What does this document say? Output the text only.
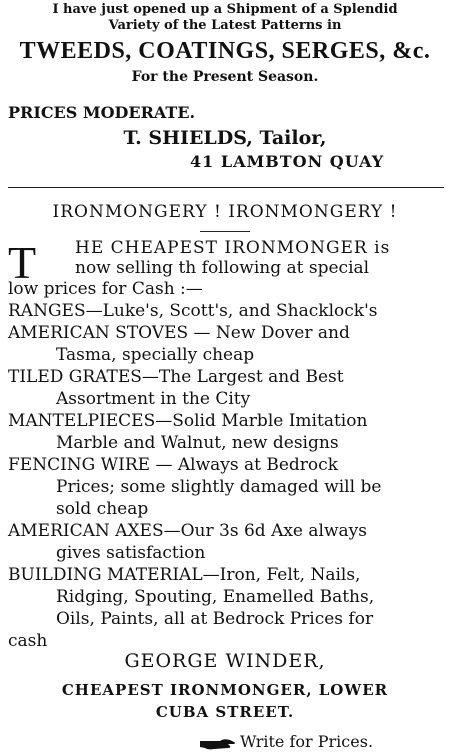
I have just opened up a Shipment of a Splendid
Variety of the Latest Patterns in
TWEEDS, COATINGS, SERGES, &c.
For the Present Season.
PRICES MODERATE.
T. SHIELDS, Tailor,
41 LAMBTON QUAY
IRONMONGERY ! IRONMONGERY !
T HE CHEAPEST IRONMONGER is
now selling th following at special
low prices for Cash :—
RANGES—Luke's, Scott's, and Shacklock's
AMERICAN STOVES — New Dover and
Tasma, specially cheap
TILED GRATES—The Largest and Best
Assortment in the City
MANTELPIECES—Solid Marble Imitation
Marble and Walnut, new designs
FENCING WIRE — Always at Bedrock
Prices; some slightly damaged will be
sold cheap
AMERICAN AXES—Our 3s 6d Axe always
gives satisfaction
BUILDING MATERIAL—Iron, Felt, Nails,
Ridging, Spouting, Enamelled Baths,
Oils, Paints, all at Bedrock Prices for
cash
GEORGE WINDER,
CHEAPEST IRONMONGER, LOWER
CUBA STREET.
Write for Prices.
